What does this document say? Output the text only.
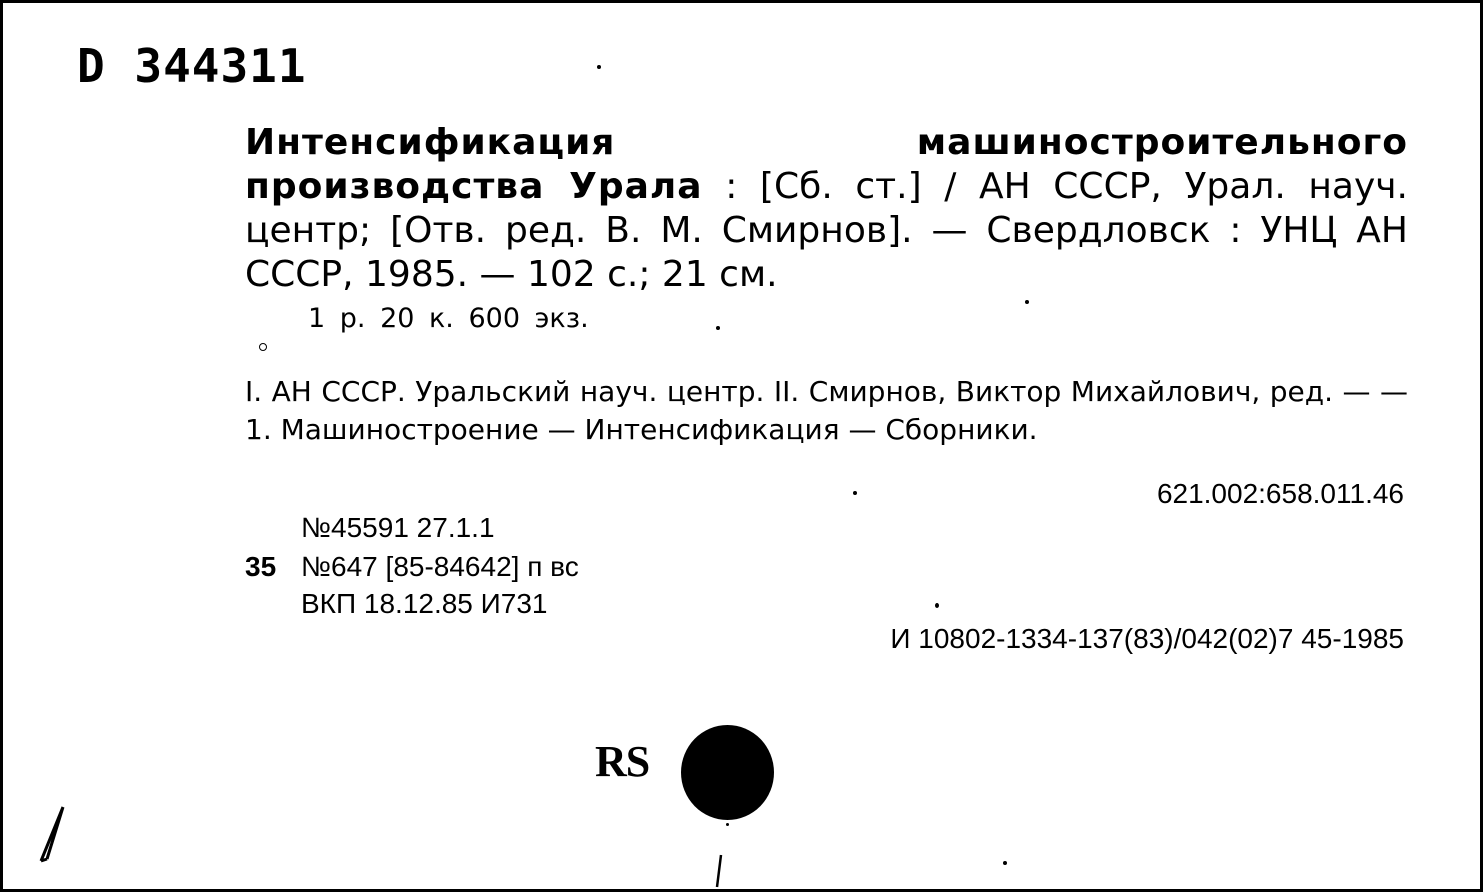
D 344311
Интенсификация машиностроительного производства Урала : [Сб. ст.] / АН СССР, Урал. науч. центр; [Отв. ред. В. М. Смирнов]. — Свердловск : УНЦ АН СССР, 1985. — 102 с.; 21 см.
1 р. 20 к. 600 экз.
I. АН СССР. Уральский науч. центр. II. Смирнов, Виктор Михайлович, ред. — — 1. Машиностроение — Интенсификация — Сборники.
621.002:658.011.46
№45591 27.1.1
35 №647 [85-84642] п вс
ВКП 18.12.85 И731
И 10802-1334-137(83)/042(02)7 45-1985
RS
